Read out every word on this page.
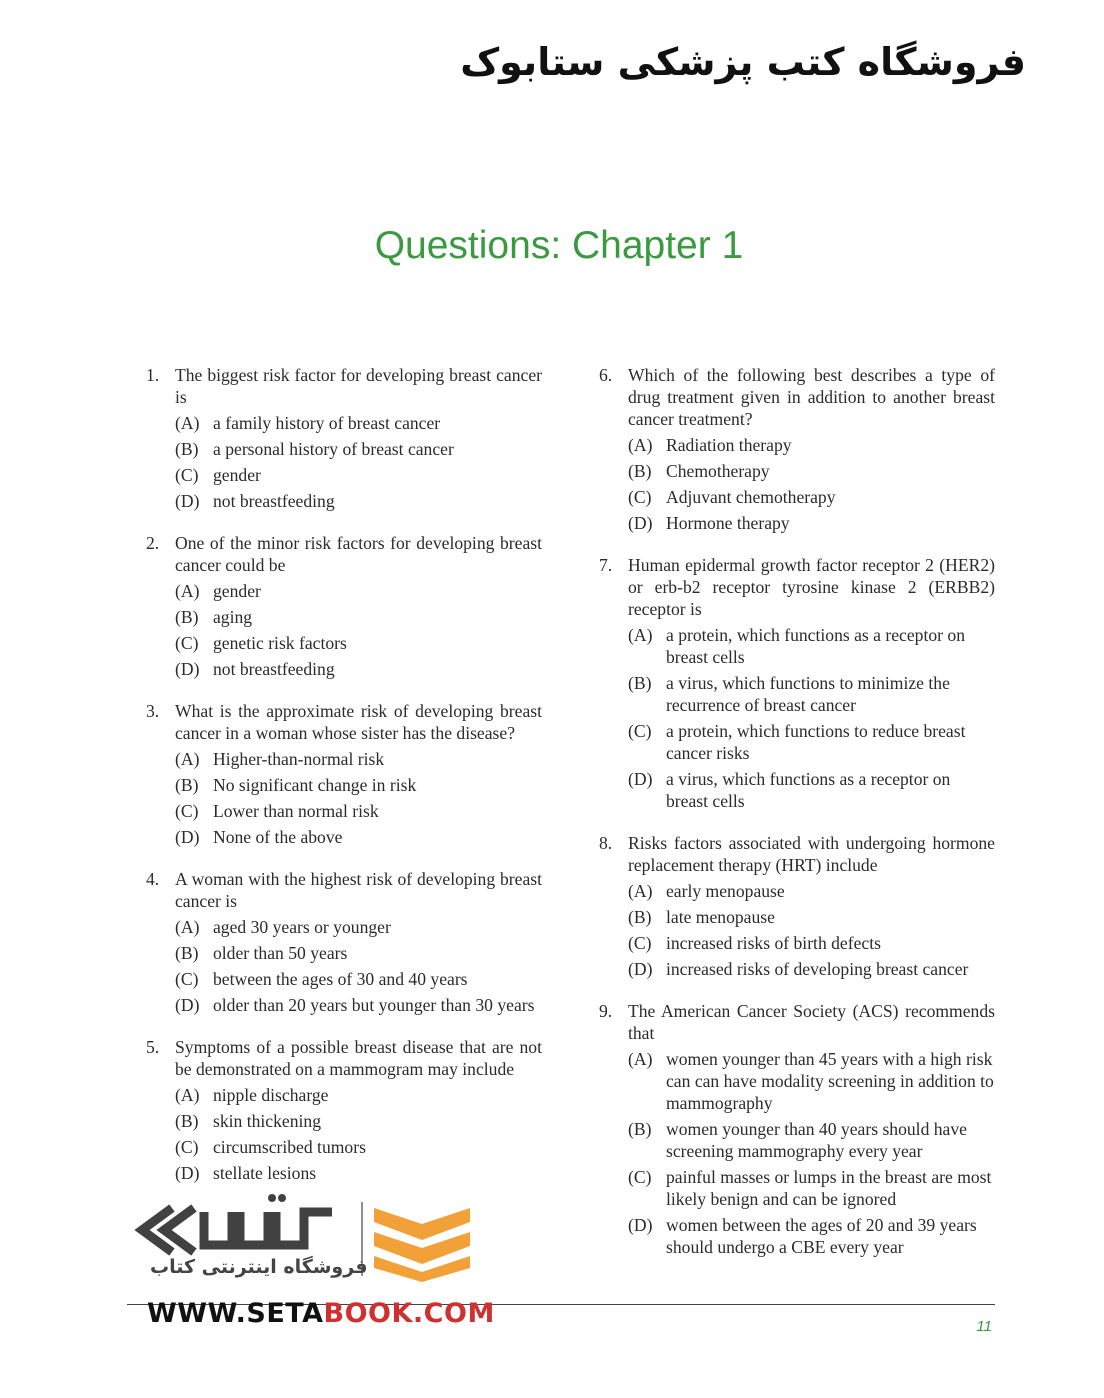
فروشگاه کتب پزشکی ستابوک
Questions: Chapter 1
1. The biggest risk factor for developing breast cancer is
(A) a family history of breast cancer
(B) a personal history of breast cancer
(C) gender
(D) not breastfeeding
2. One of the minor risk factors for developing breast cancer could be
(A) gender
(B) aging
(C) genetic risk factors
(D) not breastfeeding
3. What is the approximate risk of developing breast cancer in a woman whose sister has the disease?
(A) Higher-than-normal risk
(B) No significant change in risk
(C) Lower than normal risk
(D) None of the above
4. A woman with the highest risk of developing breast cancer is
(A) aged 30 years or younger
(B) older than 50 years
(C) between the ages of 30 and 40 years
(D) older than 20 years but younger than 30 years
5. Symptoms of a possible breast disease that are not be demonstrated on a mammogram may include
(A) nipple discharge
(B) skin thickening
(C) circumscribed tumors
(D) stellate lesions
6. Which of the following best describes a type of drug treatment given in addition to another breast cancer treatment?
(A) Radiation therapy
(B) Chemotherapy
(C) Adjuvant chemotherapy
(D) Hormone therapy
7. Human epidermal growth factor receptor 2 (HER2) or erb-b2 receptor tyrosine kinase 2 (ERBB2) receptor is
(A) a protein, which functions as a receptor on breast cells
(B) a virus, which functions to minimize the recurrence of breast cancer
(C) a protein, which functions to reduce breast cancer risks
(D) a virus, which functions as a receptor on breast cells
8. Risks factors associated with undergoing hormone replacement therapy (HRT) include
(A) early menopause
(B) late menopause
(C) increased risks of birth defects
(D) increased risks of developing breast cancer
9. The American Cancer Society (ACS) recommends that
(A) women younger than 45 years with a high risk can can have modality screening in addition to mammography
(B) women younger than 40 years should have screening mammography every year
(C) painful masses or lumps in the breast are most likely benign and can be ignored
(D) women between the ages of 20 and 39 years should undergo a CBE every year
فروشگاه اینترنتی کتاب
WWW.SETABOOK.COM	11
